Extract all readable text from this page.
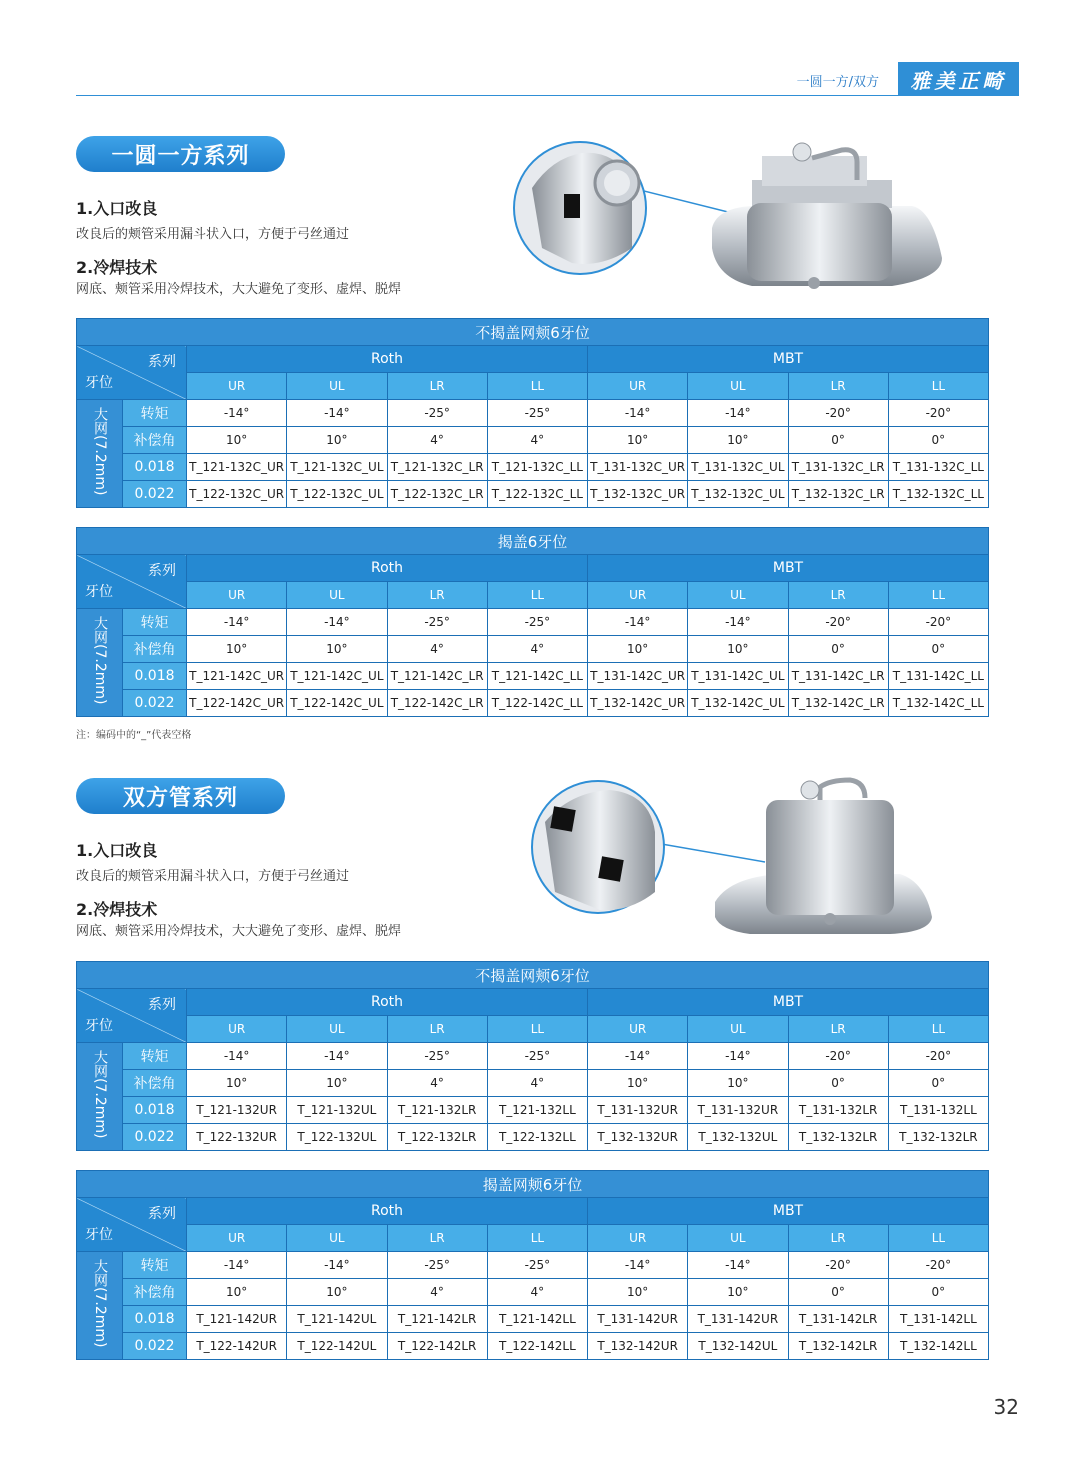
一圆一方/双方	雅美正畸
一圆一方系列
1.入口改良
改良后的颊管采用漏斗状入口，方便于弓丝通过
2.冷焊技术
网底、颊管采用冷焊技术，大大避免了变形、虚焊、脱焊
不揭盖网颊6牙位									

系列
牙位		Roth				MBT			
		UR	UL	LR	LL	UR	UL	LR	LL
大网(7.2mm)	转矩	-14°	-14°	-25°	-25°	-14°	-14°	-20°	-20°
	补偿角	10°	10°	4°	4°	10°	10°	0°	0°
	0.018	T_121-132C_UR	T_121-132C_UL	T_121-132C_LR	T_121-132C_LL	T_131-132C_UR	T_131-132C_UL	T_131-132C_LR	T_131-132C_LL
	0.022	T_122-132C_UR	T_122-132C_UL	T_122-132C_LR	T_122-132C_LL	T_132-132C_UR	T_132-132C_UL	T_132-132C_LR	T_132-132C_LL
揭盖6牙位									

系列
牙位		Roth				MBT			
		UR	UL	LR	LL	UR	UL	LR	LL
大网(7.2mm)	转矩	-14°	-14°	-25°	-25°	-14°	-14°	-20°	-20°
	补偿角	10°	10°	4°	4°	10°	10°	0°	0°
	0.018	T_121-142C_UR	T_121-142C_UL	T_121-142C_LR	T_121-142C_LL	T_131-142C_UR	T_131-142C_UL	T_131-142C_LR	T_131-142C_LL
	0.022	T_122-142C_UR	T_122-142C_UL	T_122-142C_LR	T_122-142C_LL	T_132-142C_UR	T_132-142C_UL	T_132-142C_LR	T_132-142C_LL
注：编码中的“_”代表空格
双方管系列
1.入口改良
改良后的颊管采用漏斗状入口，方便于弓丝通过
2.冷焊技术
网底、颊管采用冷焊技术，大大避免了变形、虚焊、脱焊
不揭盖网颊6牙位									

系列
牙位		Roth				MBT			
		UR	UL	LR	LL	UR	UL	LR	LL
大网(7.2mm)	转矩	-14°	-14°	-25°	-25°	-14°	-14°	-20°	-20°
	补偿角	10°	10°	4°	4°	10°	10°	0°	0°
	0.018	T_121-132UR	T_121-132UL	T_121-132LR	T_121-132LL	T_131-132UR	T_131-132UR	T_131-132LR	T_131-132LL
	0.022	T_122-132UR	T_122-132UL	T_122-132LR	T_122-132LL	T_132-132UR	T_132-132UL	T_132-132LR	T_132-132LR
揭盖网颊6牙位									

系列
牙位		Roth				MBT			
		UR	UL	LR	LL	UR	UL	LR	LL
大网(7.2mm)	转矩	-14°	-14°	-25°	-25°	-14°	-14°	-20°	-20°
	补偿角	10°	10°	4°	4°	10°	10°	0°	0°
	0.018	T_121-142UR	T_121-142UL	T_121-142LR	T_121-142LL	T_131-142UR	T_131-142UR	T_131-142LR	T_131-142LL
	0.022	T_122-142UR	T_122-142UL	T_122-142LR	T_122-142LL	T_132-142UR	T_132-142UL	T_132-142LR	T_132-142LL
32
